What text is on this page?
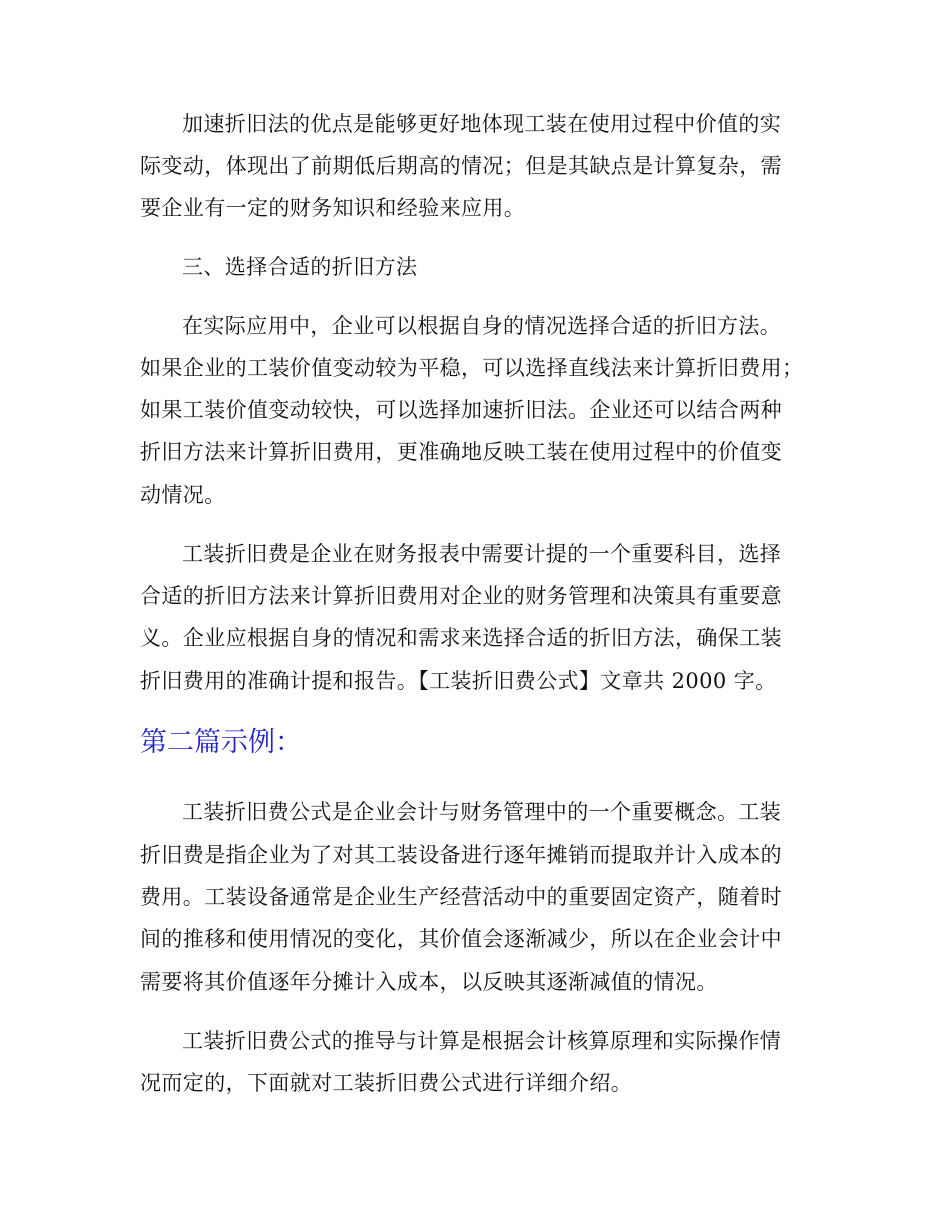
加速折旧法的优点是能够更好地体现工装在使用过程中价值的实
际变动，体现出了前期低后期高的情况；但是其缺点是计算复杂，需
要企业有一定的财务知识和经验来应用。
三、选择合适的折旧方法
在实际应用中，企业可以根据自身的情况选择合适的折旧方法。
如果企业的工装价值变动较为平稳，可以选择直线法来计算折旧费用；
如果工装价值变动较快，可以选择加速折旧法。企业还可以结合两种
折旧方法来计算折旧费用，更准确地反映工装在使用过程中的价值变
动情况。
工装折旧费是企业在财务报表中需要计提的一个重要科目，选择
合适的折旧方法来计算折旧费用对企业的财务管理和决策具有重要意
义。企业应根据自身的情况和需求来选择合适的折旧方法，确保工装
折旧费用的准确计提和报告。【工装折旧费公式】文章共 2000 字。
第二篇示例：
工装折旧费公式是企业会计与财务管理中的一个重要概念。工装
折旧费是指企业为了对其工装设备进行逐年摊销而提取并计入成本的
费用。工装设备通常是企业生产经营活动中的重要固定资产，随着时
间的推移和使用情况的变化，其价值会逐渐减少，所以在企业会计中
需要将其价值逐年分摊计入成本，以反映其逐渐减值的情况。
工装折旧费公式的推导与计算是根据会计核算原理和实际操作情
况而定的，下面就对工装折旧费公式进行详细介绍。
